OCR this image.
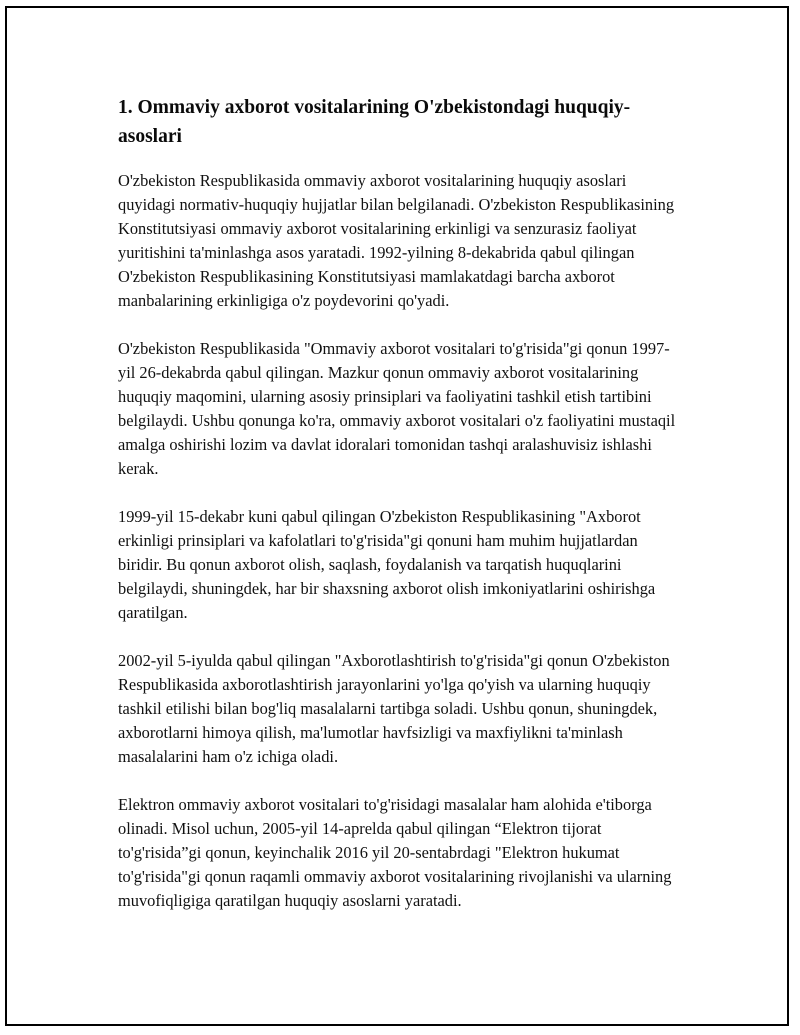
1. Ommaviy axborot vositalarining O'zbekistondagi huquqiy-asoslari

O'zbekiston Respublikasida ommaviy axborot vositalarining huquqiy asoslari quyidagi normativ-huquqiy hujjatlar bilan belgilanadi. O'zbekiston Respublikasining Konstitutsiyasi ommaviy axborot vositalarining erkinligi va senzurasiz faoliyat yuritishini ta'minlashga asos yaratadi. 1992-yilning 8-dekabrida qabul qilingan O'zbekiston Respublikasining Konstitutsiyasi mamlakatdagi barcha axborot manbalarining erkinligiga o'z poydevorini qo'yadi.

O'zbekiston Respublikasida "Ommaviy axborot vositalari to'g'risida"gi qonun 1997-yil 26-dekabrda qabul qilingan. Mazkur qonun ommaviy axborot vositalarining huquqiy maqomini, ularning asosiy prinsiplari va faoliyatini tashkil etish tartibini belgilaydi. Ushbu qonunga ko'ra, ommaviy axborot vositalari o'z faoliyatini mustaqil amalga oshirishi lozim va davlat idoralari tomonidan tashqi aralashuvisiz ishlashi kerak.

1999-yil 15-dekabr kuni qabul qilingan O'zbekiston Respublikasining "Axborot erkinligi prinsiplari va kafolatlari to'g'risida"gi qonuni ham muhim hujjatlardan biridir. Bu qonun axborot olish, saqlash, foydalanish va tarqatish huquqlarini belgilaydi, shuningdek, har bir shaxsning axborot olish imkoniyatlarini oshirishga qaratilgan.

2002-yil 5-iyulda qabul qilingan "Axborotlashtirish to'g'risida"gi qonun O'zbekiston Respublikasida axborotlashtirish jarayonlarini yo'lga qo'yish va ularning huquqiy tashkil etilishi bilan bog'liq masalalarni tartibga soladi. Ushbu qonun, shuningdek, axborotlarni himoya qilish, ma'lumotlar havfsizligi va maxfiylikni ta'minlash masalalarini ham o'z ichiga oladi.

Elektron ommaviy axborot vositalari to'g'risidagi masalalar ham alohida e'tiborga olinadi. Misol uchun, 2005-yil 14-aprelda qabul qilingan “Elektron tijorat to'g'risida”gi qonun, keyinchalik 2016 yil 20-sentabrdagi "Elektron hukumat to'g'risida"gi qonun raqamli ommaviy axborot vositalarining rivojlanishi va ularning muvofiqligiga qaratilgan huquqiy asoslarni yaratadi.
